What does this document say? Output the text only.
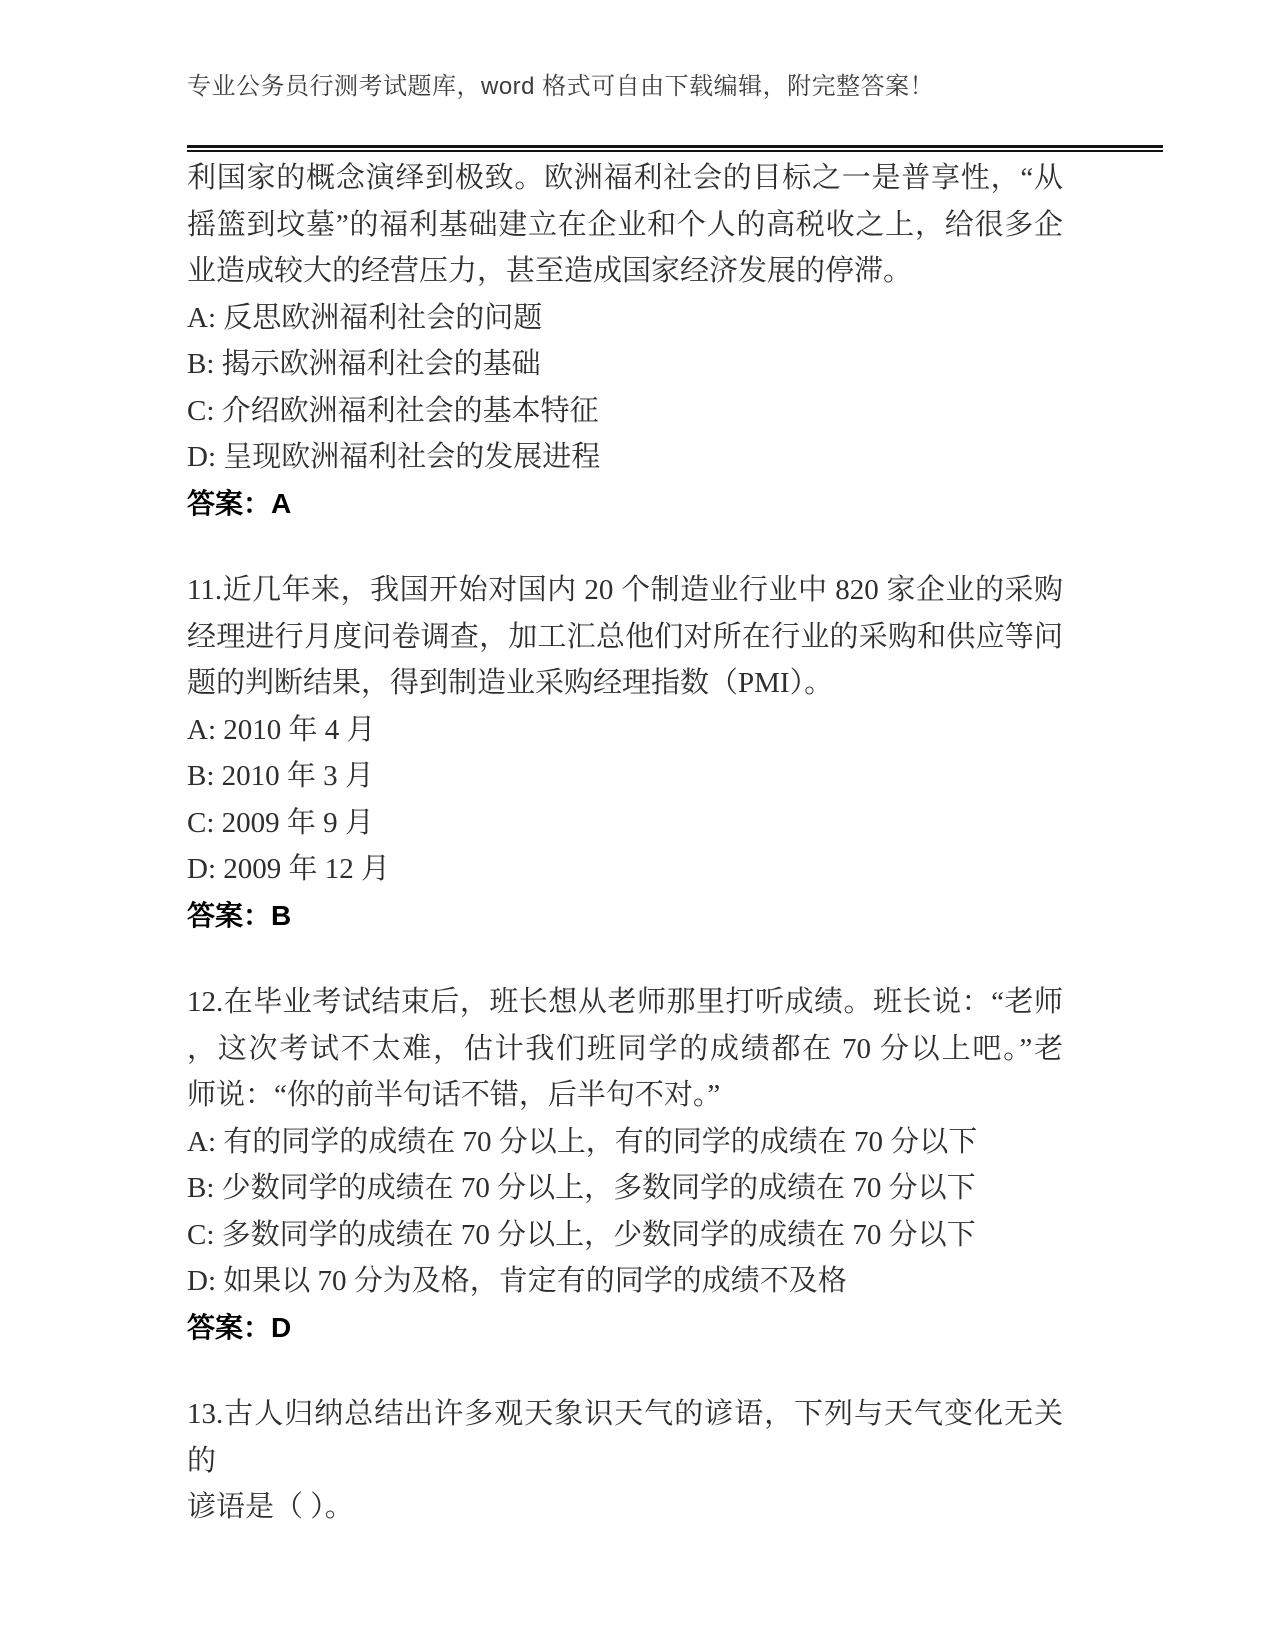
专业公务员行测考试题库，word 格式可自由下载编辑，附完整答案！
利国家的概念演绎到极致。欧洲福利社会的目标之一是普享性，“从
摇篮到坟墓”的福利基础建立在企业和个人的高税收之上，给很多企
业造成较大的经营压力，甚至造成国家经济发展的停滞。
A: 反思欧洲福利社会的问题
B: 揭示欧洲福利社会的基础
C: 介绍欧洲福利社会的基本特征
D: 呈现欧洲福利社会的发展进程
答案：A
11.近几年来，我国开始对国内 20 个制造业行业中 820 家企业的采购
经理进行月度问卷调查，加工汇总他们对所在行业的采购和供应等问
题的判断结果，得到制造业采购经理指数（PMI）。
A: 2010 年 4 月
B: 2010 年 3 月
C: 2009 年 9 月
D: 2009 年 12 月
答案：B
12.在毕业考试结束后，班长想从老师那里打听成绩。班长说：“老师
，这次考试不太难，估计我们班同学的成绩都在 70 分以上吧。”老
师说：“你的前半句话不错，后半句不对。”
A: 有的同学的成绩在 70 分以上，有的同学的成绩在 70 分以下
B: 少数同学的成绩在 70 分以上，多数同学的成绩在 70 分以下
C: 多数同学的成绩在 70 分以上，少数同学的成绩在 70 分以下
D: 如果以 70 分为及格，肯定有的同学的成绩不及格
答案：D
13.古人归纳总结出许多观天象识天气的谚语，下列与天气变化无关的
谚语是（ ）。
